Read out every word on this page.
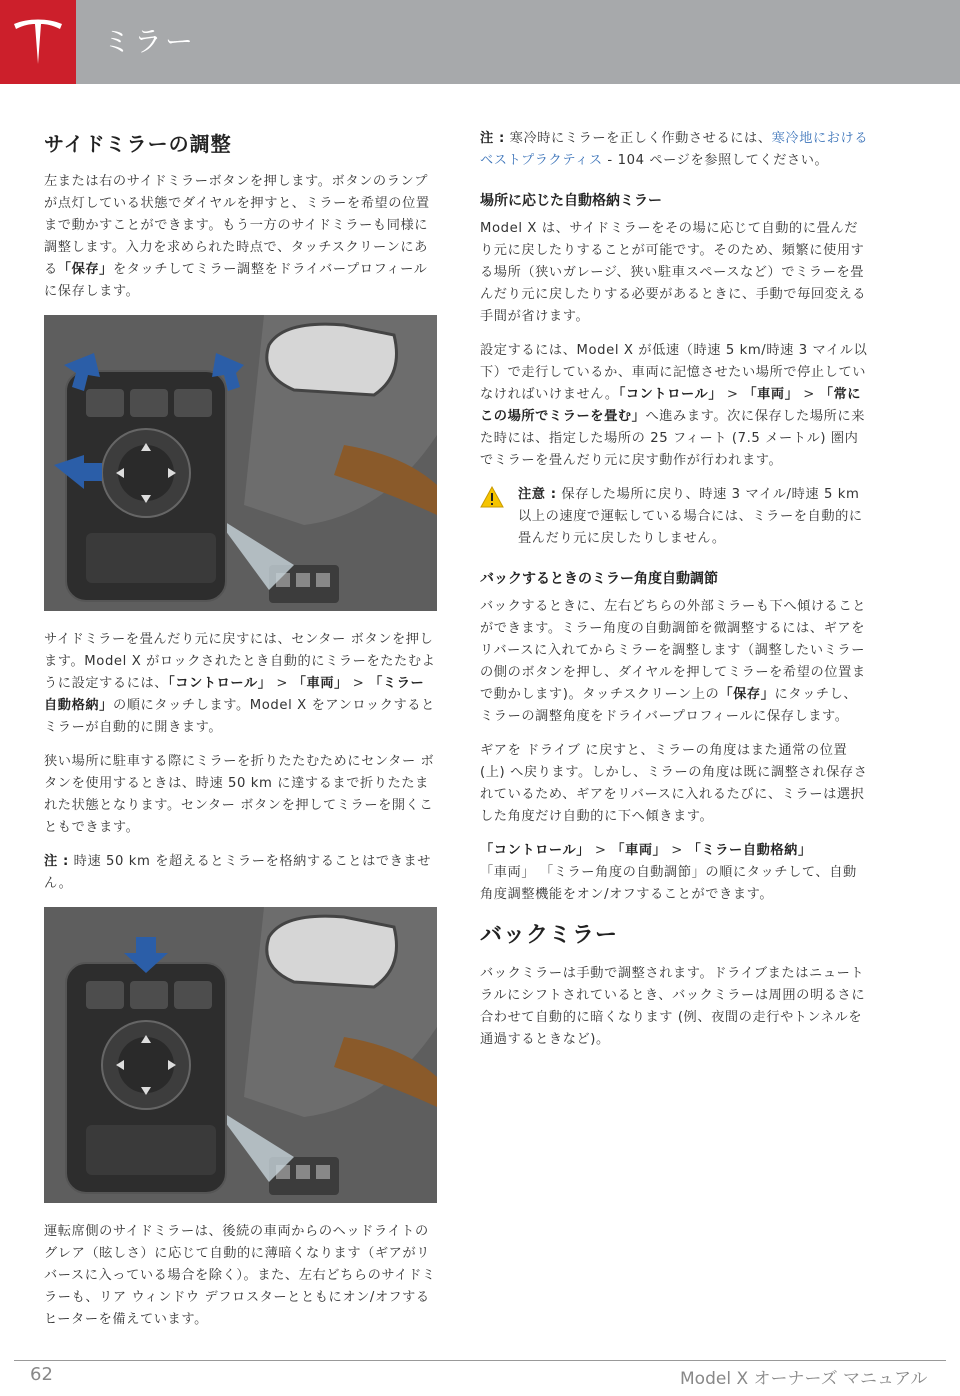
ミラー
サイドミラーの調整

左または右のサイドミラーボタンを押します。ボタンのランプが点灯している状態でダイヤルを押すと、ミラーを希望の位置まで動かすことができます。もう一方のサイドミラーも同様に調整します。入力を求められた時点で、タッチスクリーンにある「保存」をタッチしてミラー調整をドライバープロフィールに保存します。

サイドミラーを畳んだり元に戻すには、センター ボタンを押します。Model X がロックされたとき自動的にミラーをたたむように設定するには、「コントロール」 > 「車両」 > 「ミラー自動格納」の順にタッチします。Model X をアンロックするとミラーが自動的に開きます。

狭い場所に駐車する際にミラーを折りたたむためにセンター ボタンを使用するときは、時速 50 km に達するまで折りたたまれた状態となります。センター ボタンを押してミラーを開くこともできます。

注 : 時速 50 km を超えるとミラーを格納することはできません。

運転席側のサイドミラーは、後続の車両からのヘッドライトのグレア（眩しさ）に応じて自動的に薄暗くなります（ギアがリバースに入っている場合を除く）。また、左右どちらのサイドミラーも、リア ウィンドウ デフロスターとともにオン/オフするヒーターを備えています。

注 : 寒冷時にミラーを正しく作動させるには、寒冷地におけるベストプラクティス - 104 ページを参照してください。

場所に応じた自動格納ミラー

Model X は、サイドミラーをその場に応じて自動的に畳んだり元に戻したりすることが可能です。そのため、頻繁に使用する場所（狭いガレージ、狭い駐車スペースなど）でミラーを畳んだり元に戻したりする必要があるときに、手動で毎回変える手間が省けます。

設定するには、Model X が低速（時速 5 km/時速 3 マイル以下）で走行しているか、車両に記憶させたい場所で停止していなければいけません。「コントロール」 > 「車両」 > 「常にこの場所でミラーを畳む」へ進みます。次に保存した場所に来た時には、指定した場所の 25 フィート (7.5 メートル) 圏内でミラーを畳んだり元に戻す動作が行われます。

注意 : 保存した場所に戻り、時速 3 マイル/時速 5 km 以上の速度で運転している場合には、ミラーを自動的に畳んだり元に戻したりしません。

バックするときのミラー角度自動調節

バックするときに、左右どちらの外部ミラーも下へ傾けることができます。ミラー角度の自動調節を微調整するには、ギアをリバースに入れてからミラーを調整します（調整したいミラーの側のボタンを押し、ダイヤルを押してミラーを希望の位置まで動かします)。タッチスクリーン上の「保存」にタッチし、ミラーの調整角度をドライバープロフィールに保存します。

ギアを ドライブ に戻すと、ミラーの角度はまた通常の位置 (上) へ戻ります。しかし、ミラーの角度は既に調整され保存されているため、ギアをリバースに入れるたびに、ミラーは選択した角度だけ自動的に下へ傾きます。

「コントロール」 > 「車両」 > 「ミラー自動格納」

「車両」 「ミラー角度の自動調節」の順にタッチして、自動角度調整機能をオン/オフすることができます。

バックミラー

バックミラーは手動で調整されます。ドライブまたはニュートラルにシフトされているとき、バックミラーは周囲の明るさに合わせて自動的に暗くなります (例、夜間の走行やトンネルを通過するときなど)。

62	Model X オーナーズ マニュアル
